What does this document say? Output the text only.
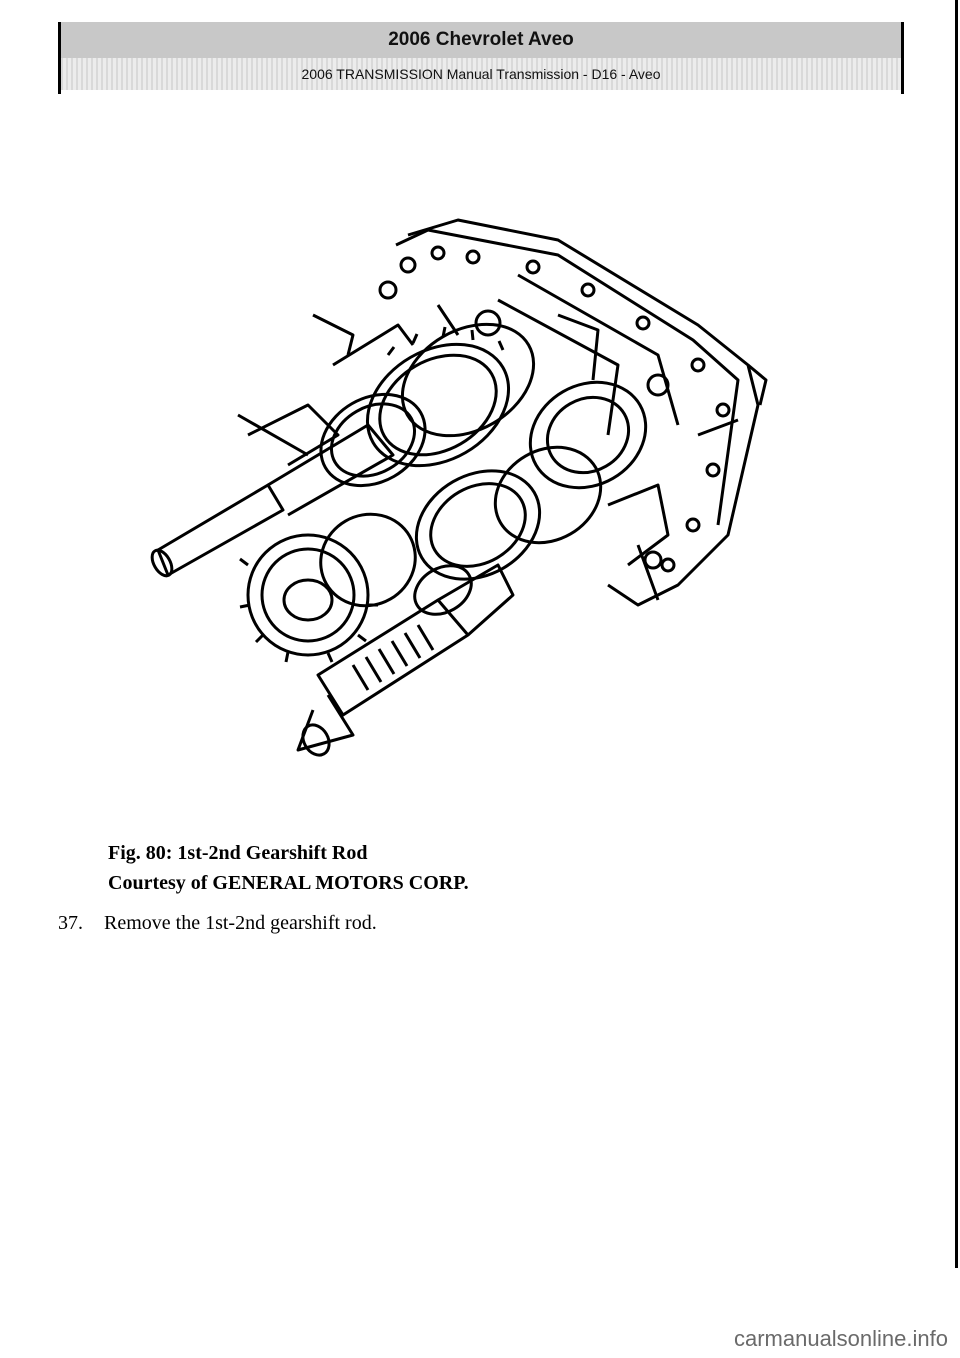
2006 Chevrolet Aveo
2006 TRANSMISSION Manual Transmission - D16 - Aveo
Fig. 80: 1st-2nd Gearshift Rod
Courtesy of GENERAL MOTORS CORP.
37.	Remove the 1st-2nd gearshift rod.
carmanualsonline.info
